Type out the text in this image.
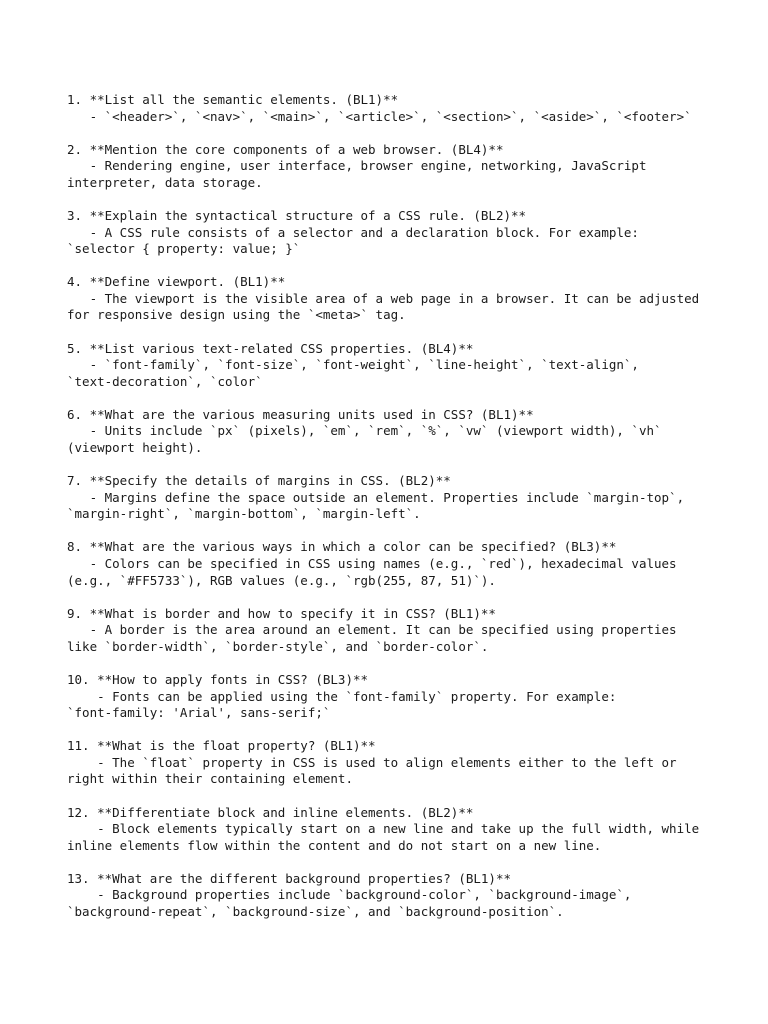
1. **List all the semantic elements. (BL1)**
- `<header>`, `<nav>`, `<main>`, `<article>`, `<section>`, `<aside>`, `<footer>`
2. **Mention the core components of a web browser. (BL4)**
- Rendering engine, user interface, browser engine, networking, JavaScript
interpreter, data storage.
3. **Explain the syntactical structure of a CSS rule. (BL2)**
- A CSS rule consists of a selector and a declaration block. For example:
`selector { property: value; }`
4. **Define viewport. (BL1)**
- The viewport is the visible area of a web page in a browser. It can be adjusted
for responsive design using the `<meta>` tag.
5. **List various text-related CSS properties. (BL4)**
- `font-family`, `font-size`, `font-weight`, `line-height`, `text-align`,
`text-decoration`, `color`
6. **What are the various measuring units used in CSS? (BL1)**
- Units include `px` (pixels), `em`, `rem`, `%`, `vw` (viewport width), `vh`
(viewport height).
7. **Specify the details of margins in CSS. (BL2)**
- Margins define the space outside an element. Properties include `margin-top`,
`margin-right`, `margin-bottom`, `margin-left`.
8. **What are the various ways in which a color can be specified? (BL3)**
- Colors can be specified in CSS using names (e.g., `red`), hexadecimal values
(e.g., `#FF5733`), RGB values (e.g., `rgb(255, 87, 51)`).
9. **What is border and how to specify it in CSS? (BL1)**
- A border is the area around an element. It can be specified using properties
like `border-width`, `border-style`, and `border-color`.
10. **How to apply fonts in CSS? (BL3)**
- Fonts can be applied using the `font-family` property. For example:
`font-family: 'Arial', sans-serif;`
11. **What is the float property? (BL1)**
- The `float` property in CSS is used to align elements either to the left or
right within their containing element.
12. **Differentiate block and inline elements. (BL2)**
- Block elements typically start on a new line and take up the full width, while
inline elements flow within the content and do not start on a new line.
13. **What are the different background properties? (BL1)**
- Background properties include `background-color`, `background-image`,
`background-repeat`, `background-size`, and `background-position`.
